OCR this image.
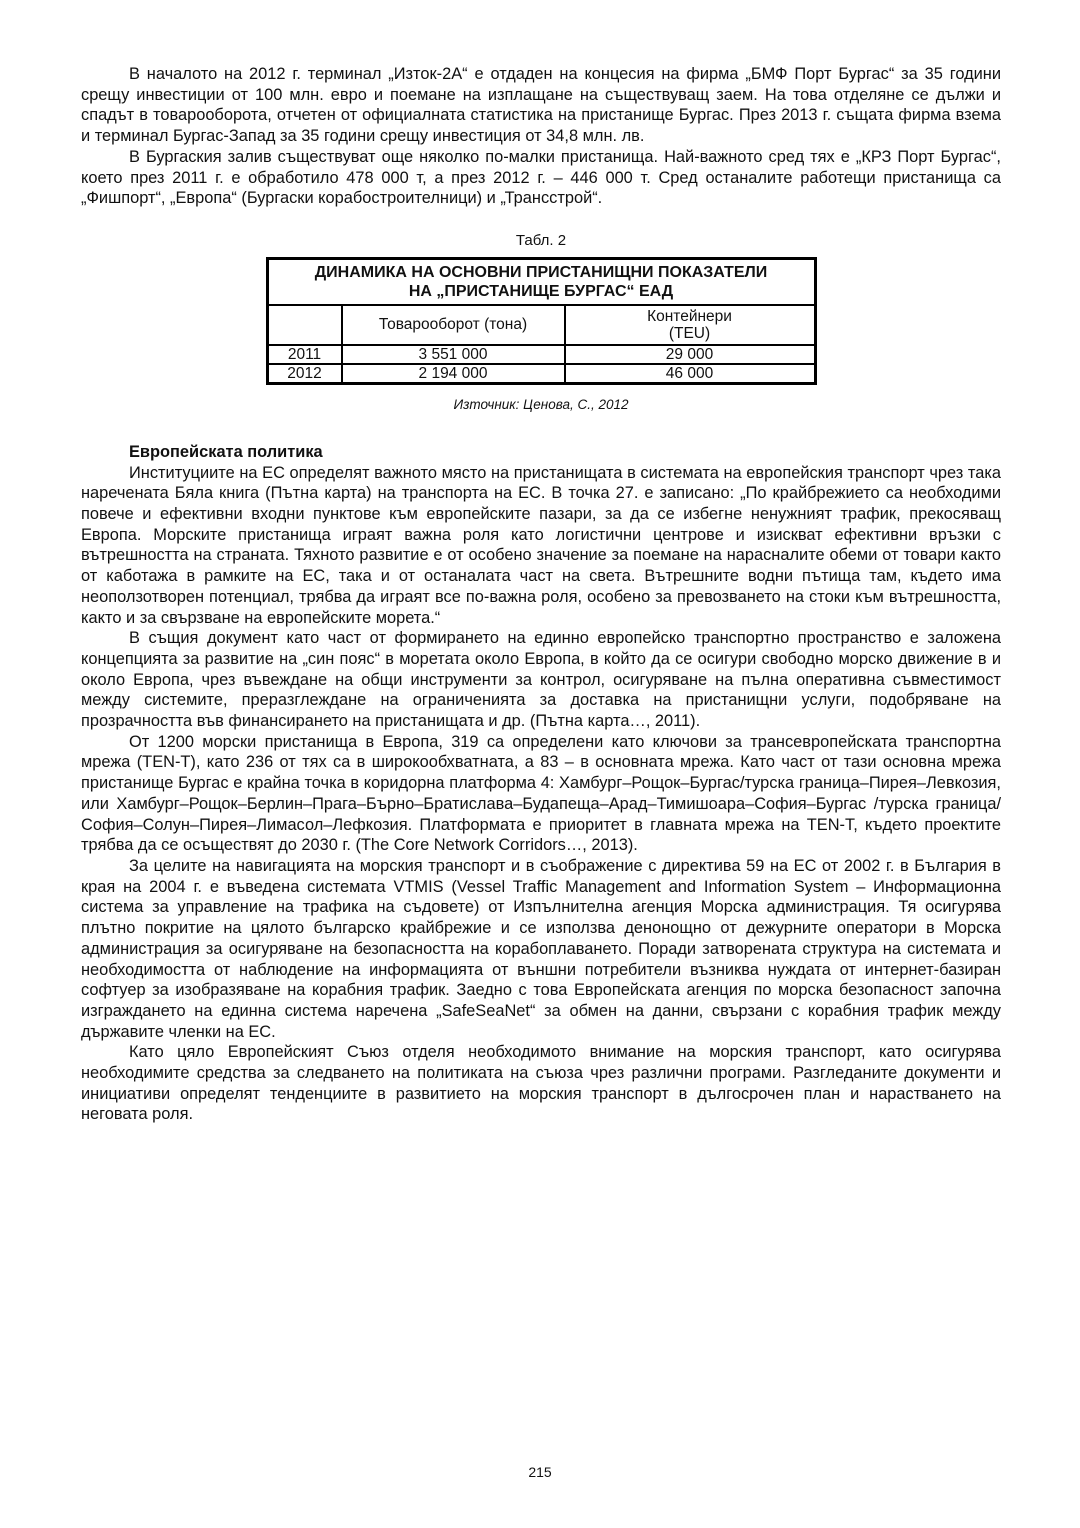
В началото на 2012 г. терминал „Изток-2А“ е отдаден на концесия на фирма „БМФ Порт Бургас“ за 35 години срещу инвестиции от 100 млн. евро и поемане на изплащане на съществуващ заем. На това отделяне се дължи и спадът в товарооборота, отчетен от официалната статистика на пристанище Бургас. През 2013 г. същата фирма взема и терминал Бургас-Запад за 35 години срещу инвестиция от 34,8 млн. лв.

В Бургаския залив съществуват още няколко по-малки пристанища. Най-важното сред тях е „КРЗ Порт Бургас“, което през 2011 г. е обработило 478 000 т, а през 2012 г. – 446 000 т. Сред останалите работещи пристанища са „Фишпорт“, „Европа“ (Бургаски корабостроителници) и „Трансстрой“.

Табл. 2
ДИНАМИКА НА ОСНОВНИ ПРИСТАНИЩНИ ПОКАЗАТЕЛИ
НА „ПРИСТАНИЩЕ БУРГАС“ ЕАД		
	Товарооборот (тона)	Контейнери
(TEU)
2011	3 551 000	29 000
2012	2 194 000	46 000
Източник: Ценова, С., 2012
Европейската политика

Институциите на ЕС определят важното място на пристанищата в системата на европейския транспорт чрез така наречената Бяла книга (Пътна карта) на транспорта на ЕС. В точка 27. е записано: „По крайбрежието са необходими повече и ефективни входни пунктове към европейските пазари, за да се избегне ненужният трафик, прекосяващ Европа. Морските пристанища играят важна роля като логистични центрове и изискват ефективни връзки с вътрешността на страната. Тяхното развитие е от особено значение за поемане на нарасналите обеми от товари както от каботажа в рамките на ЕС, така и от останалата част на света. Вътрешните водни пътища там, където има неоползотворен потенциал, трябва да играят все по-важна роля, особено за превозването на стоки към вътрешността, както и за свързване на европейските морета.“

В същия документ като част от формирането на единно европейско транспортно пространство е заложена концепцията за развитие на „син пояс“ в моретата около Европа, в който да се осигури свободно морско движение в и около Европа, чрез въвеждане на общи инструменти за контрол, осигуряване на пълна оперативна съвместимост между системите, преразглеждане на ограниченията за доставка на пристанищни услуги, подобряване на прозрачността във финансирането на пристанищата и др. (Пътна карта…, 2011).

От 1200 морски пристанища в Европа, 319 са определени като ключови за трансевропейската транспортна мрежа (TEN-T), като 236 от тях са в широкообхватната, а 83 – в основната мрежа. Като част от тази основна мрежа пристанище Бургас е крайна точка в коридорна платформа 4: Хамбург–Рощок–Бургас/турска граница–Пирея–Левкозия, или Хамбург–Рощок–Берлин–Прага–Бърно–Братислава–Будапеща–Арад–Тимишоара–София–Бургас /турска граница/ София–Солун–Пирея–Лимасол–Лефкозия. Платформата е приоритет в главната мрежа на TEN-T, където проектите трябва да се осъществят до 2030 г. (The Core Network Corridors…, 2013).

За целите на навигацията на морския транспорт и в съображение с директива 59 на ЕС от 2002 г. в България в края на 2004 г. е въведена системата VTMIS (Vessel Traffic Management and Information System – Информационна система за управление на трафика на съдовете) от Изпълнителна агенция Морска администрация. Тя осигурява плътно покритие на цялото българско крайбрежие и се използва денонощно от дежурните оператори в Морска администрация за осигуряване на безопасността на корабоплаването. Поради затворената структура на системата и необходимостта от наблюдение на информацията от външни потребители възниква нуждата от интернет-базиран софтуер за изобразяване на корабния трафик. Заедно с това Европейската агенция по морска безопасност започна изграждането на единна система наречена „SafeSeaNet“ за обмен на данни, свързани с корабния трафик между държавите членки на ЕС.

Като цяло Европейският Съюз отделя необходимото внимание на морския транспорт, като осигурява необходимите средства за следването на политиката на съюза чрез различни програми. Разгледаните документи и инициативи определят тенденциите в развитието на морския транспорт в дългосрочен план и нарастването на неговата роля.

215
